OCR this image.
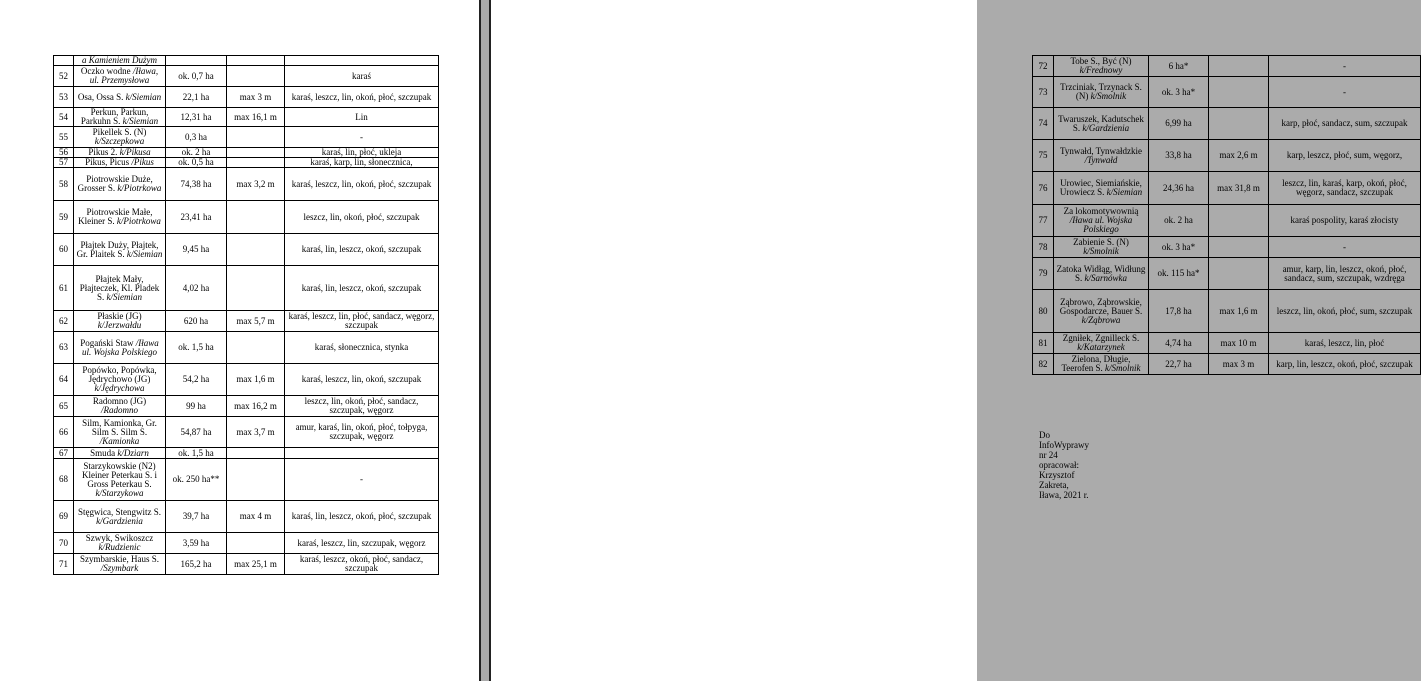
	a Kamieniem Dużym			
52	Oczko wodne /Iława, ul. Przemysłowa	ok. 0,7 ha		karaś
53	Osa, Ossa S. k/Siemian	22,1 ha	max 3 m	karaś, leszcz, lin, okoń, płoć, szczupak
54	Perkun, Parkun, Parkuhn S. k/Siemian	12,31 ha	max 16,1 m	Lin
55	Pikellek S. (N) k/Szczepkowa	0,3 ha		-
56	Pikus 2. k/Pikusa	ok. 2 ha		karaś, lin, płoć, ukleja
57	Pikus, Picus /Pikus	ok. 0,5 ha		karaś, karp, lin, słonecznica,
58	Piotrowskie Duże, Grosser S. k/Piotrkowa	74,38 ha	max 3,2 m	karaś, leszcz, lin, okoń, płoć, szczupak
59	Piotrowskie Małe, Kleiner S. k/Piotrkowa	23,41 ha		leszcz, lin, okoń, płoć, szczupak
60	Płajtek Duży, Płajtek, Gr. Plaitek S. k/Siemian	9,45 ha		karaś, lin, leszcz, okoń, szczupak
61	Płajtek Mały, Płajteczek, Kl. Pladek S. k/Siemian	4,02 ha		karaś, lin, leszcz, okoń, szczupak
62	Płaskie (JG) k/Jerzwałdu	620 ha	max 5,7 m	karaś, leszcz, lin, płoć, sandacz, węgorz, szczupak
63	Pogański Staw /Iława ul. Wojska Polskiego	ok. 1,5 ha		karaś, słonecznica, stynka
64	Popówko, Popówka, Jędrychowo (JG) k/Jędrychowa	54,2 ha	max 1,6 m	karaś, leszcz, lin, okoń, szczupak
65	Radomno (JG) /Radomno	99 ha	max 16,2 m	leszcz, lin, okoń, płoć, sandacz, szczupak, węgorz
66	Silm, Kamionka, Gr. Silm S. Silm S. /Kamionka	54,87 ha	max 3,7 m	amur, karaś, lin, okoń, płoć, tołpyga, szczupak, węgorz
67	Smuda k/Dziarn	ok. 1,5 ha		
68	Starzykowskie (N2) Kleiner Peterkau S. i Gross Peterkau S. k/Starzykowa	ok. 250 ha**		-
69	Stęgwica, Stengwitz S. k/Gardzienia	39,7 ha	max 4 m	karaś, lin, leszcz, okoń, płoć, szczupak
70	Szwyk, Swikoszcz k/Rudzienic	3,59 ha		karaś, leszcz, lin, szczupak, węgorz
71	Szymbarskie, Haus S. /Szymbark	165,2 ha	max 25,1 m	karaś, leszcz, okoń, płoć, sandacz, szczupak
72	Tobe S., Być (N) k/Frednowy	6 ha*		-
73	Trzciniak, Trzynack S. (N) k/Smolnik	ok. 3 ha*		-
74	Twaruszek, Kadutschek S. k/Gardzienia	6,99 ha		karp, płoć, sandacz, sum, szczupak
75	Tynwałd, Tynwałdzkie /Tynwałd	33,8 ha	max 2,6 m	karp, leszcz, płoć, sum, węgorz,
76	Urowiec, Siemiańskie, Urowiecz S. k/Siemian	24,36 ha	max 31,8 m	leszcz, lin, karaś, karp, okoń, płoć, węgorz, sandacz, szczupak
77	Za lokomotywownią /Iława ul. Wojska Polskiego	ok. 2 ha		karaś pospolity, karaś złocisty
78	Zabienie S. (N) k/Smolnik	ok. 3 ha*		-
79	Zatoka Widłąg, Widłung S. k/Sarnówka	ok. 115 ha*		amur, karp, lin, leszcz, okoń, płoć, sandacz, sum, szczupak, wzdręga
80	Ząbrowo, Ząbrowskie, Gospodarcze, Bauer S. k/Ząbrowa	17,8 ha	max 1,6 m	leszcz, lin, okoń, płoć, sum, szczupak
81	Zgniłek, Zgnilleck S. k/Katarzynek	4,74 ha	max 10 m	karaś, leszcz, lin, płoć
82	Zielona, Długie, Teerofen S. k/Smolnik	22,7 ha	max 3 m	karp, lin, leszcz, okoń, płoć, szczupak
Do InfoWyprawy nr 24 opracował: Krzysztof Zakreta, Iława, 2021 r.
